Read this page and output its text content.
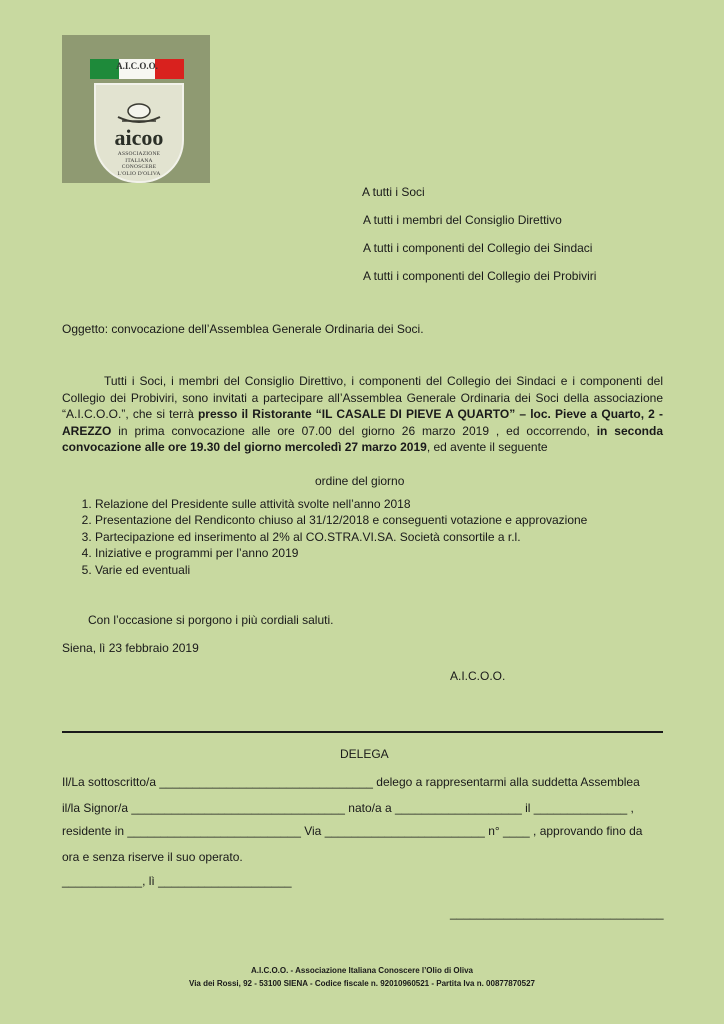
A.I.C.O.O.
aicoo
ASSOCIAZIONE
ITALIANA
CONOSCERE
L'OLIO D'OLIVA
A tutti i Soci
A tutti i membri del Consiglio Direttivo
A tutti i componenti del Collegio dei Sindaci
A tutti i componenti del Collegio dei Probiviri
Oggetto: convocazione dell’Assemblea Generale Ordinaria dei Soci.

Tutti i Soci, i membri del Consiglio Direttivo, i componenti del Collegio dei Sindaci e i componenti del Collegio dei Probiviri, sono invitati a partecipare all’Assemblea Generale Ordinaria dei Soci della associazione “A.I.C.O.O.”, che si terrà presso il Ristorante “IL CASALE DI PIEVE A QUARTO” – loc. Pieve a Quarto, 2 - AREZZO in prima convocazione alle ore 07.00 del giorno 26 marzo 2019 , ed occorrendo, in seconda convocazione alle ore 19.30 del giorno mercoledì 27 marzo 2019, ed avente il seguente

ordine del giorno
1. Relazione del Presidente sulle attività svolte nell’anno 2018
2. Presentazione del Rendiconto chiuso al 31/12/2018 e conseguenti votazione e approvazione
3. Partecipazione ed inserimento al 2% al CO.STRA.VI.SA. Società consortile a r.l.
4. Iniziative e programmi per l’anno 2019
5. Varie ed eventuali
Con l’occasione si porgono i più cordiali saluti.
Siena, lì 23 febbraio 2019
A.I.C.O.O.
DELEGA
Il/La sottoscritto/a ________________________________ delego a rappresentarmi alla suddetta Assemblea
il/la Signor/a ________________________________ nato/a a ___________________ il ______________ ,
residente in __________________________ Via ________________________ n° ____ , approvando fino da
ora e senza riserve il suo operato.
____________, lì ____________________
________________________________
A.I.C.O.O. - Associazione Italiana Conoscere l’Olio di Oliva
Via dei Rossi, 92 - 53100 SIENA - Codice fiscale n. 92010960521 - Partita Iva n. 00877870527
